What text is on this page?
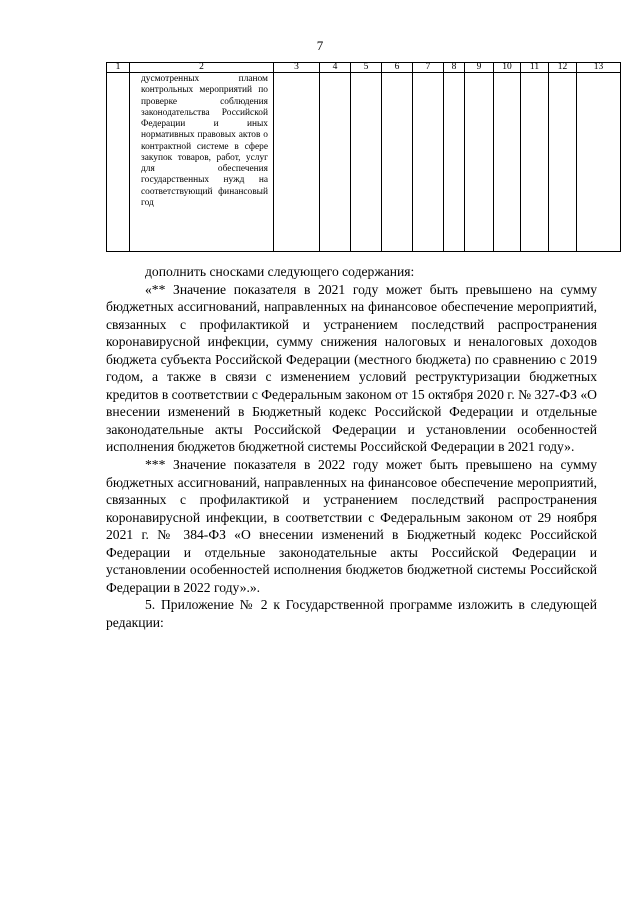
7
1	2	3	4	5	6	7	8	9	10	11	12	13

	дусмотренных планом контрольных мероприятий по проверке соблюдения законодательства Российской Федерации и иных нормативных правовых актов о контрактной системе в сфере закупок товаров, работ, услуг для обеспечения государственных нужд на соответствующий финансовый год											

дополнить сносками следующего содержания:

«** Значение показателя в 2021 году может быть превышено на сумму бюджетных ассигнований, направленных на финансовое обеспечение мероприятий, связанных с профилактикой и устранением последствий распространения коронавирусной инфекции, сумму снижения налоговых и неналоговых доходов бюджета субъекта Российской Федерации (местного бюджета) по сравнению с 2019 годом, а также в связи с изменением условий реструктуризации бюджетных кредитов в соответствии с Федеральным законом от 15 октября 2020 г. № 327-ФЗ «О внесении изменений в Бюджетный кодекс Российской Федерации и отдельные законодательные акты Российской Федерации и установлении особенностей исполнения бюджетов бюджетной системы Российской Федерации в 2021 году».

*** Значение показателя в 2022 году может быть превышено на сумму бюджетных ассигнований, направленных на финансовое обеспечение мероприятий, связанных с профилактикой и устранением последствий распространения коронавирусной инфекции, в соответствии с Федеральным законом от 29 ноября 2021 г. № 384-ФЗ «О внесении изменений в Бюджетный кодекс Российской Федерации и отдельные законодательные акты Российской Федерации и установлении особенностей исполнения бюджетов бюджетной системы Российской Федерации в 2022 году».».

5. Приложение № 2 к Государственной программе изложить в следующей редакции:
